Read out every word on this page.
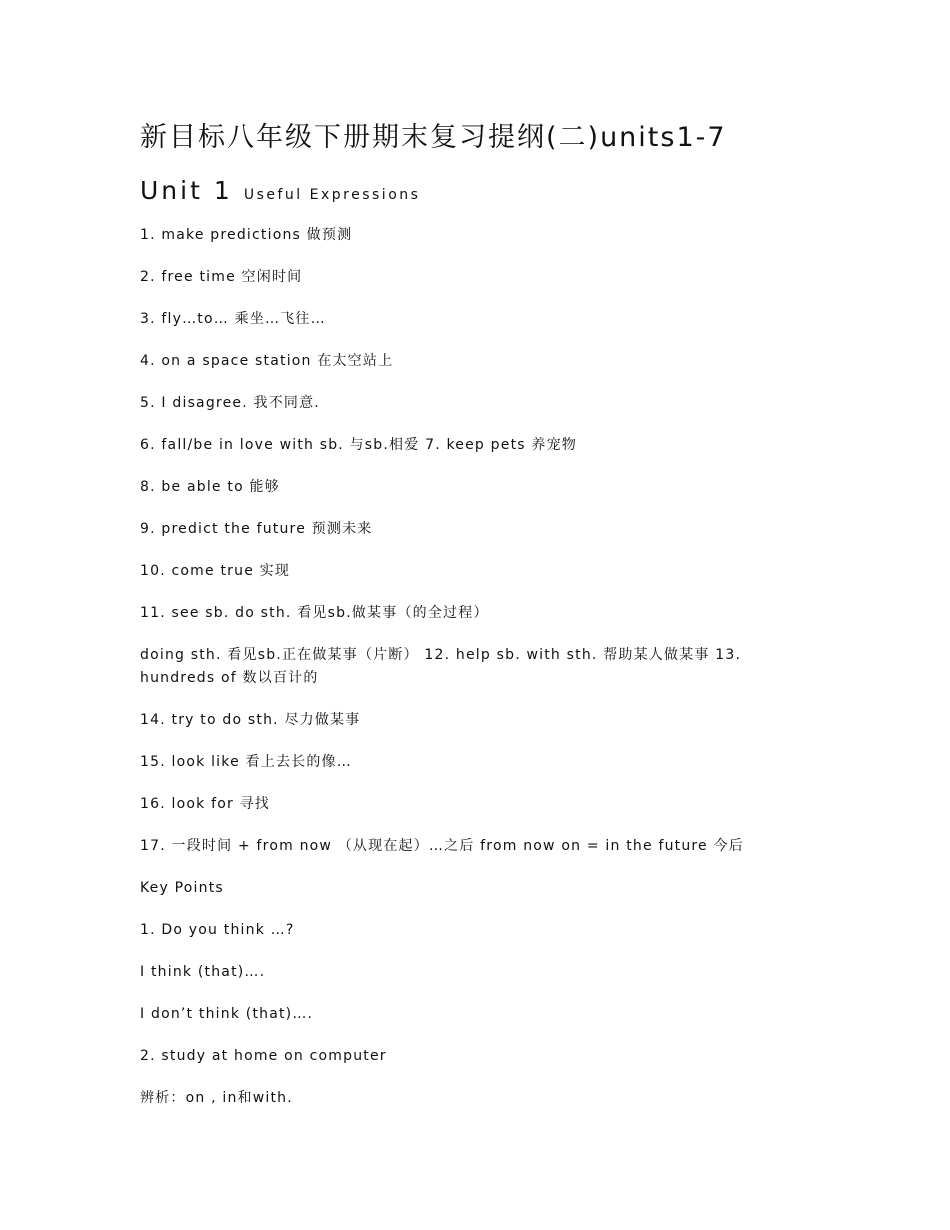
新目标八年级下册期末复习提纲(二)units1-7
Unit 1 Useful Expressions

1. make predictions 做预测

2. free time 空闲时间

3. fly…to… 乘坐…飞往…

4. on a space station 在太空站上

5. I disagree. 我不同意.

6. fall/be in love with sb. 与sb.相爱 7. keep pets 养宠物

8. be able to 能够

9. predict the future 预测未来

10. come true 实现

11. see sb. do sth. 看见sb.做某事（的全过程）

doing sth. 看见sb.正在做某事（片断） 12. help sb. with sth. 帮助某人做某事 13. hundreds of 数以百计的

14. try to do sth. 尽力做某事

15. look like 看上去长的像…

16. look for 寻找

17. 一段时间 + from now （从现在起）…之后 from now on = in the future 今后

Key Points

1. Do you think …?

I think (that)….

I don’t think (that)….

2. study at home on computer

辨析：on , in和with.
